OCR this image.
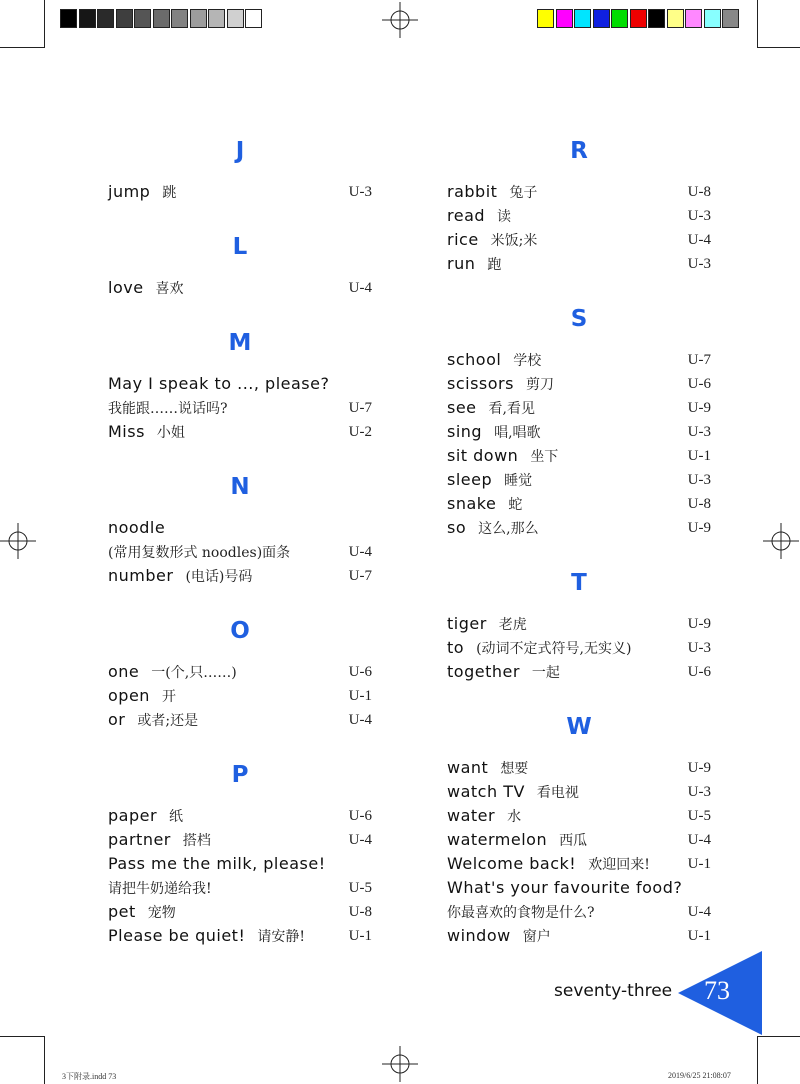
J
jump 跳	U-3
L
love 喜欢	U-4
M
May I speak to ..., please?
我能跟……说话吗?	U-7
Miss 小姐	U-2
N
noodle
(常用复数形式 noodles)面条	U-4
number (电话)号码	U-7
O
one 一(个,只……)	U-6
open 开	U-1
or 或者;还是	U-4
P
paper 纸	U-6
partner 搭档	U-4
Pass me the milk, please!
请把牛奶递给我!	U-5
pet 宠物	U-8
Please be quiet! 请安静!	U-1
R
rabbit 兔子	U-8
read 读	U-3
rice 米饭;米	U-4
run 跑	U-3
S
school 学校	U-7
scissors 剪刀	U-6
see 看,看见	U-9
sing 唱,唱歌	U-3
sit down 坐下	U-1
sleep 睡觉	U-3
snake 蛇	U-8
so 这么,那么	U-9
T
tiger 老虎	U-9
to (动词不定式符号,无实义)	U-3
together 一起	U-6
W
want 想要	U-9
watch TV 看电视	U-3
water 水	U-5
watermelon 西瓜	U-4
Welcome back! 欢迎回来!	U-1
What's your favourite food?
你最喜欢的食物是什么?	U-4
window 窗户	U-1
seventy-three 73
3下附录.indd 73	2019/6/25 21:08:07
